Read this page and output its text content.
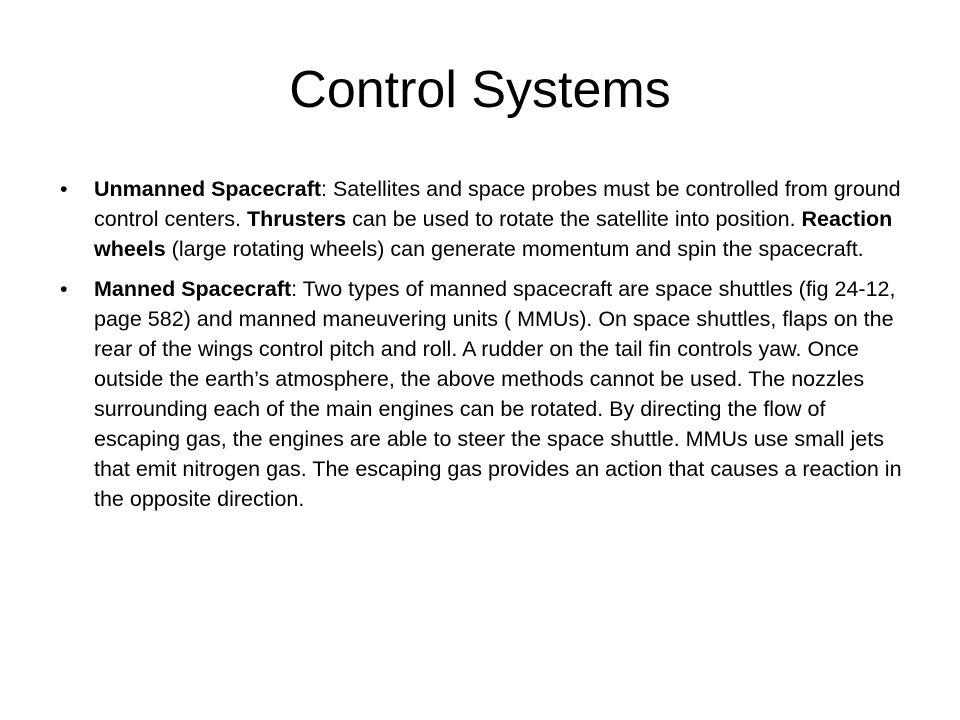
Control Systems
•	Unmanned Spacecraft: Satellites and space probes must be controlled from ground control centers. Thrusters can be used to rotate the satellite into position. Reaction wheels (large rotating wheels) can generate momentum and spin the spacecraft.
•	Manned Spacecraft: Two types of manned spacecraft are space shuttles (fig 24-12, page 582) and manned maneuvering units ( MMUs). On space shuttles, flaps on the rear of the wings control pitch and roll. A rudder on the tail fin controls yaw. Once outside the earth’s atmosphere, the above methods cannot be used. The nozzles surrounding each of the main engines can be rotated. By directing the flow of escaping gas, the engines are able to steer the space shuttle. MMUs use small jets that emit nitrogen gas. The escaping gas provides an action that causes a reaction in the opposite direction.
